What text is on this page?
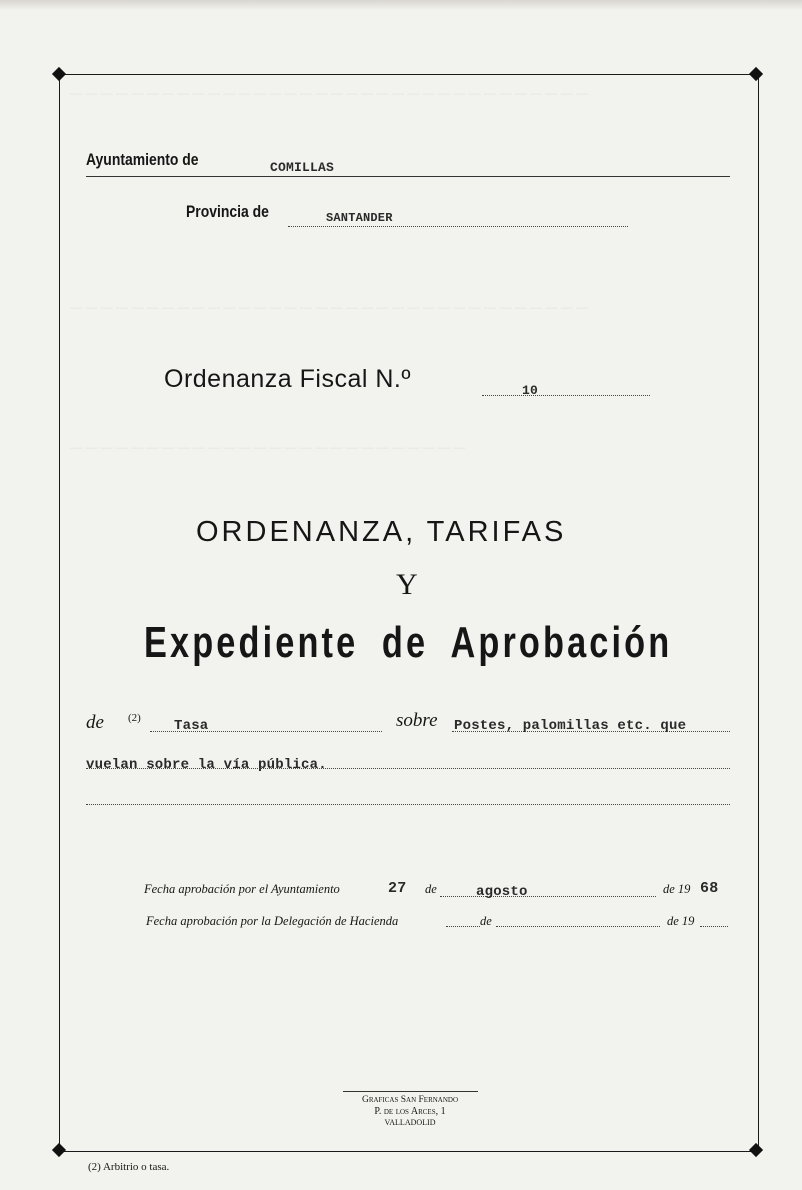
— — — — — — — — — — — — — — — — — — — — — — — — — — — — — — — — — —
— — — — — — — — — — — — — — — — — — — — — — — — — — — — — — — — — —
— — — — — — — — — — — — — — — — — — — — — — — — — —
Ayuntamiento de	COMILLAS
Provincia de	SANTANDER
Ordenanza Fiscal N.º	10
ORDENANZA, TARIFAS
Y
Expediente de Aprobación
de (2) Tasa	sobre Postes, palomillas etc. que
vuelan sobre la vía pública.
Fecha aprobación por el Ayuntamiento	27 de	agosto	de 19 68
Fecha aprobación por la Delegación de Hacienda	de	de 19
Graficas San Fernando
P. de los Arces, 1
VALLADOLID
(2) Arbitrio o tasa.
